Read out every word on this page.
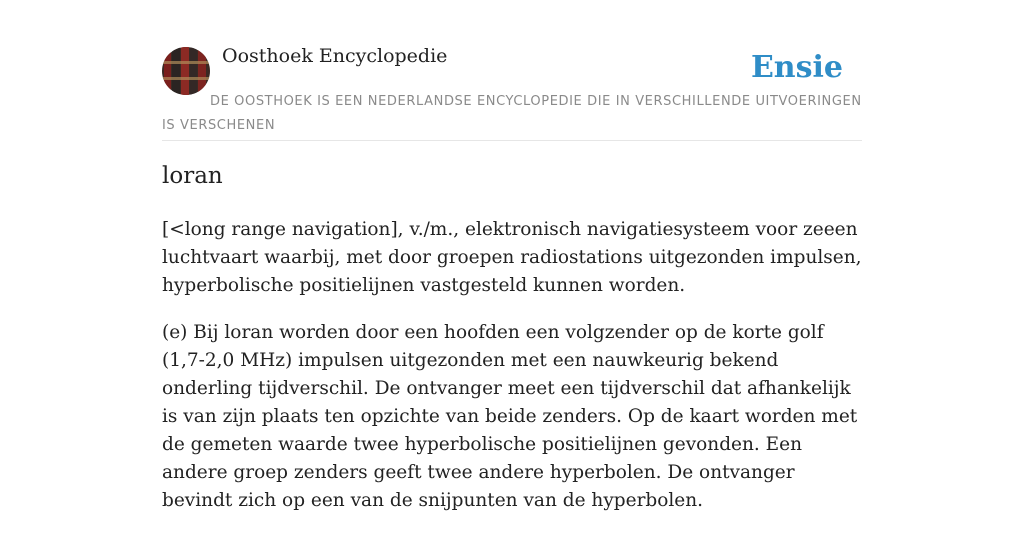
Oosthoek Encyclopedie	Ensie
DE OOSTHOEK IS EEN NEDERLANDSE ENCYCLOPEDIE DIE IN VERSCHILLENDE UITVOERINGEN IS VERSCHENEN
loran

[<long range navigation], v./m., elektronisch navigatiesysteem voor zeeen luchtvaart waarbij, met door groepen radiostations uitgezonden impulsen, hyperbolische positielijnen vastgesteld kunnen worden.

(e) Bij loran worden door een hoofden een volgzender op de korte golf (1,7-2,0 MHz) impulsen uitgezonden met een nauwkeurig bekend onderling tijdverschil. De ontvanger meet een tijdverschil dat afhankelijk is van zijn plaats ten opzichte van beide zenders. Op de kaart worden met de gemeten waarde twee hyperbolische positielijnen gevonden. Een andere groep zenders geeft twee andere hyperbolen. De ontvanger bevindt zich op een van de snijpunten van de hyperbolen.
